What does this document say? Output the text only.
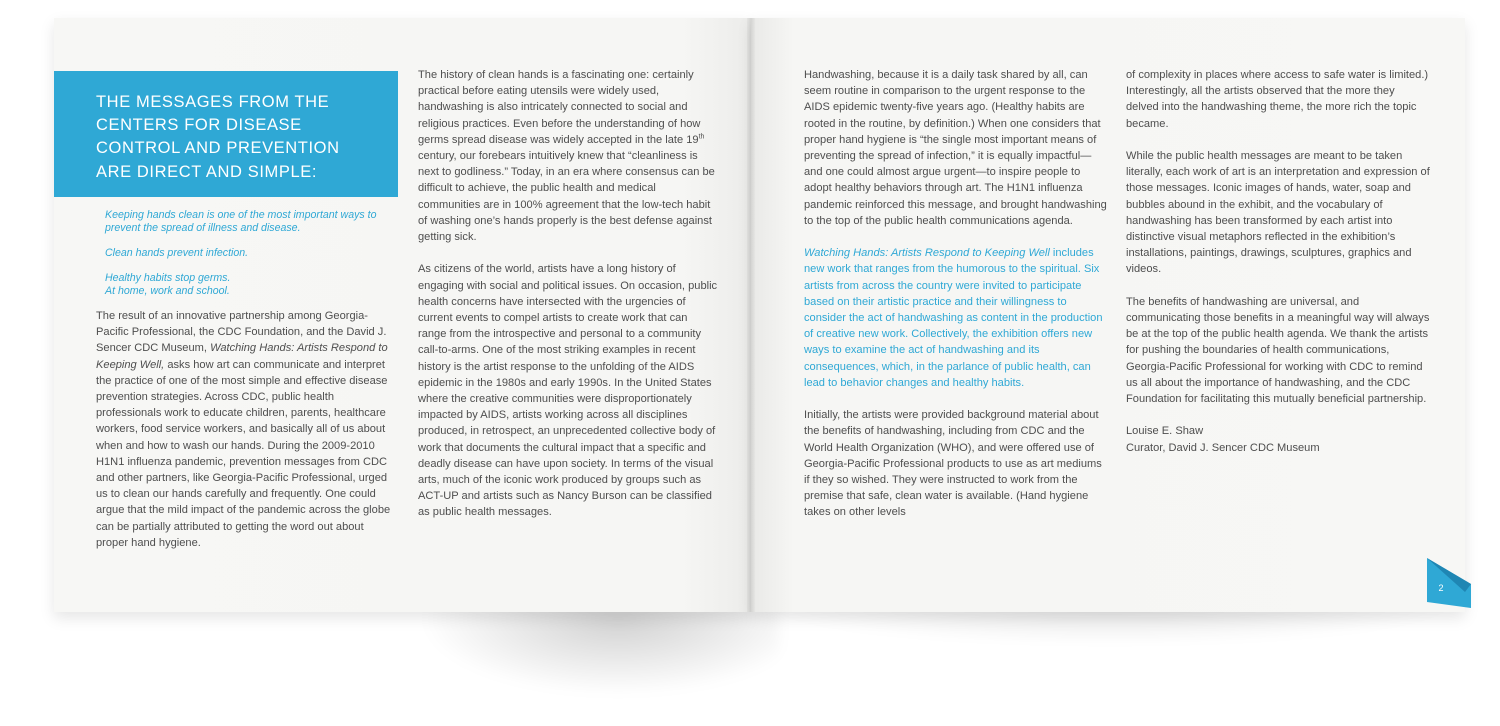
THE MESSAGES FROM THE CENTERS FOR DISEASE CONTROL AND PREVENTION ARE DIRECT AND SIMPLE:

Keeping hands clean is one of the most important ways to prevent the spread of illness and disease.

Clean hands prevent infection.

Healthy habits stop germs.

At home, work and school.

The result of an innovative partnership among Georgia-Pacific Professional, the CDC Foundation, and the David J. Sencer CDC Museum, Watching Hands: Artists Respond to Keeping Well, asks how art can communicate and interpret the practice of one of the most simple and effective disease prevention strategies. Across CDC, public health professionals work to educate children, parents, healthcare workers, food service workers, and basically all of us about when and how to wash our hands. During the 2009-2010 H1N1 influenza pandemic, prevention messages from CDC and other partners, like Georgia-Pacific Professional, urged us to clean our hands carefully and frequently. One could argue that the mild impact of the pandemic across the globe can be partially attributed to getting the word out about proper hand hygiene.

The history of clean hands is a fascinating one: certainly practical before eating utensils were widely used, handwashing is also intricately connected to social and religious practices. Even before the understanding of how germs spread disease was widely accepted in the late 19th century, our forebears intuitively knew that “cleanliness is next to godliness.” Today, in an era where consensus can be difficult to achieve, the public health and medical communities are in 100% agreement that the low-tech habit of washing one’s hands properly is the best defense against getting sick.

As citizens of the world, artists have a long history of engaging with social and political issues. On occasion, public health concerns have intersected with the urgencies of current events to compel artists to create work that can range from the introspective and personal to a community call-to-arms. One of the most striking examples in recent history is the artist response to the unfolding of the AIDS epidemic in the 1980s and early 1990s. In the United States where the creative communities were disproportionately impacted by AIDS, artists working across all disciplines produced, in retrospect, an unprecedented collective body of work that documents the cultural impact that a specific and deadly disease can have upon society. In terms of the visual arts, much of the iconic work produced by groups such as ACT-UP and artists such as Nancy Burson can be classified as public health messages.

Handwashing, because it is a daily task shared by all, can seem routine in comparison to the urgent response to the AIDS epidemic twenty-five years ago. (Healthy habits are rooted in the routine, by definition.) When one considers that proper hand hygiene is “the single most important means of preventing the spread of infection,” it is equally impactful—and one could almost argue urgent—to inspire people to adopt healthy behaviors through art. The H1N1 influenza pandemic reinforced this message, and brought handwashing to the top of the public health communications agenda.

Watching Hands: Artists Respond to Keeping Well includes new work that ranges from the humorous to the spiritual. Six artists from across the country were invited to participate based on their artistic practice and their willingness to consider the act of handwashing as content in the production of creative new work. Collectively, the exhibition offers new ways to examine the act of handwashing and its consequences, which, in the parlance of public health, can lead to behavior changes and healthy habits.

Initially, the artists were provided background material about the benefits of handwashing, including from CDC and the World Health Organization (WHO), and were offered use of Georgia-Pacific Professional products to use as art mediums if they so wished. They were instructed to work from the premise that safe, clean water is available. (Hand hygiene takes on other levels

of complexity in places where access to safe water is limited.) Interestingly, all the artists observed that the more they delved into the handwashing theme, the more rich the topic became.

While the public health messages are meant to be taken literally, each work of art is an interpretation and expression of those messages. Iconic images of hands, water, soap and bubbles abound in the exhibit, and the vocabulary of handwashing has been transformed by each artist into distinctive visual metaphors reflected in the exhibition’s installations, paintings, drawings, sculptures, graphics and videos.

The benefits of handwashing are universal, and communicating those benefits in a meaningful way will always be at the top of the public health agenda. We thank the artists for pushing the boundaries of health communications, Georgia-Pacific Professional for working with CDC to remind us all about the importance of handwashing, and the CDC Foundation for facilitating this mutually beneficial partnership.

Louise E. Shaw

Curator, David J. Sencer CDC Museum

2
